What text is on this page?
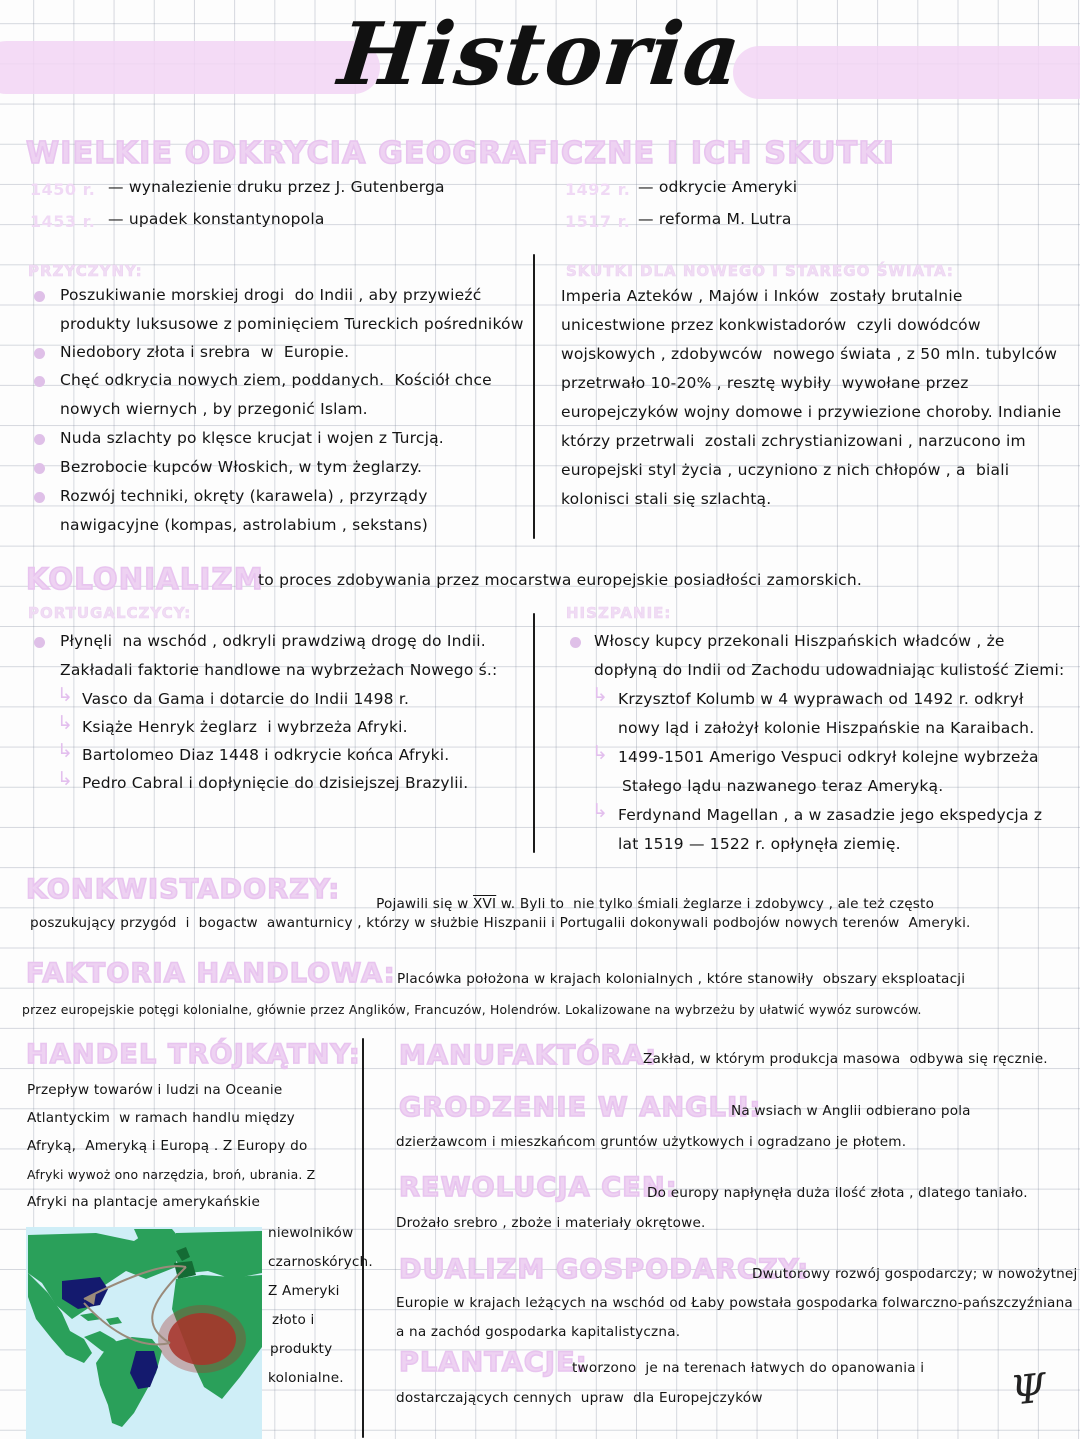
Historia
WIELKIE ODKRYCIA GEOGRAFICZNE I ICH SKUTKI
1450 r. — wynalezienie druku przez J. Gutenberga
1453 r. — upadek konstantynopola
1492 r. — odkrycie Ameryki
1517 r. — reforma M. Lutra
PRZYCZYNY:
Poszukiwanie morskiej drogi  do Indii , aby przywieźć
produkty luksusowe z pominięciem Tureckich pośredników
Niedobory złota i srebra  w  Europie.
Chęć odkrycia nowych ziem, poddanych.  Kościół chce
nowych wiernych , by przegonić Islam.
Nuda szlachty po klęsce krucjat i wojen z Turcją.
Bezrobocie kupców Włoskich, w tym żeglarzy.
Rozwój techniki, okręty (karawela) , przyrządy
nawigacyjne (kompas, astrolabium , sekstans)
SKUTKI DLA NOWEGO I STAREGO ŚWIATA:
Imperia Azteków , Majów i Inków  zostały brutalnie
unicestwione przez konkwistadorów  czyli dowódców
wojskowych , zdobywców  nowego świata , z 50 mln. tubylców
przetrwało 10-20% , resztę wybiły  wywołane przez
europejczyków wojny domowe i przywiezione choroby. Indianie
którzy przetrwali  zostali zchrystianizowani , narzucono im
europejski styl życia , uczyniono z nich chłopów , a  biali
kolonisci stali się szlachtą.
KOLONIALIZM
to proces zdobywania przez mocarstwa europejskie posiadłości zamorskich.
PORTUGALCZYCY:
Płynęli  na wschód , odkryli prawdziwą drogę do Indii.
Zakładali faktorie handlowe na wybrzeżach Nowego ś.:
↳ Vasco da Gama i dotarcie do Indii 1498 r.
↳ Książe Henryk żeglarz  i wybrzeża Afryki.
↳ Bartolomeo Diaz 1448 i odkrycie końca Afryki.
↳ Pedro Cabral i dopłynięcie do dzisiejszej Brazylii.
HISZPANIE:
Włoscy kupcy przekonali Hiszpańskich władców , że
dopłyną do Indii od Zachodu udowadniając kulistość Ziemi:
↳ Krzysztof Kolumb w 4 wyprawach od 1492 r. odkrył
nowy ląd i założył kolonie Hiszpańskie na Karaibach.
↳ 1499-1501 Amerigo Vespuci odkrył kolejne wybrzeża
Stałego lądu nazwanego teraz Ameryką.
↳ Ferdynand Magellan , a w zasadzie jego ekspedycja z
lat 1519 — 1522 r. opłynęła ziemię.
KONKWISTADORZY:	Pojawili się w $\overline{XVI}$ w. Byli to  nie tylko śmiali żeglarze i zdobywcy , ale też często

poszukujący przygód  i  bogactw  awanturnicy , którzy w służbie Hiszpanii i Portugalii dokonywali podbojów nowych terenów  Ameryki.
FAKTORIA HANDLOWA: Placówka położona w krajach kolonialnych , które stanowiły  obszary eksploatacji
przez europejskie potęgi kolonialne, głównie przez Anglików, Francuzów, Holendrów. Lokalizowane na wybrzeżu by ułatwić wywóz surowców.
HANDEL TRÓJKĄTNY:
Przepływ towarów i ludzi na Oceanie
Atlantyckim  w ramach handlu między
Afryką,  Ameryką i Europą . Z Europy do
Afryki wywoż ono narzędzia, broń, ubrania. Z
Afryki na plantacje amerykańskie
niewolników
czarnoskórych.
Z Ameryki
złoto i
produkty
kolonialne.
MANUFAKTÓRA:
Zakład, w którym produkcja masowa  odbywa się ręcznie.
GRODZENIE W ANGLII:
Na wsiach w Anglii odbierano pola
dzierżawcom i mieszkańcom gruntów użytkowych i ogradzano je płotem.
REWOLUCJA CEN:
Do europy napłynęła duża ilość złota , dlatego taniało.
Drożało srebro , zboże i materiały okrętowe.
DUALIZM GOSPODARCZY:
Dwutorowy rozwój gospodarczy; w nowożytnej
Europie w krajach leżących na wschód od Łaby powstała gospodarka folwarczno-pańszczyźniana
a na zachód gospodarka kapitalistyczna.
PLANTACJE:
tworzono  je na terenach łatwych do opanowania i
dostarczających cennych  upraw  dla Europejczyków	Ψ
